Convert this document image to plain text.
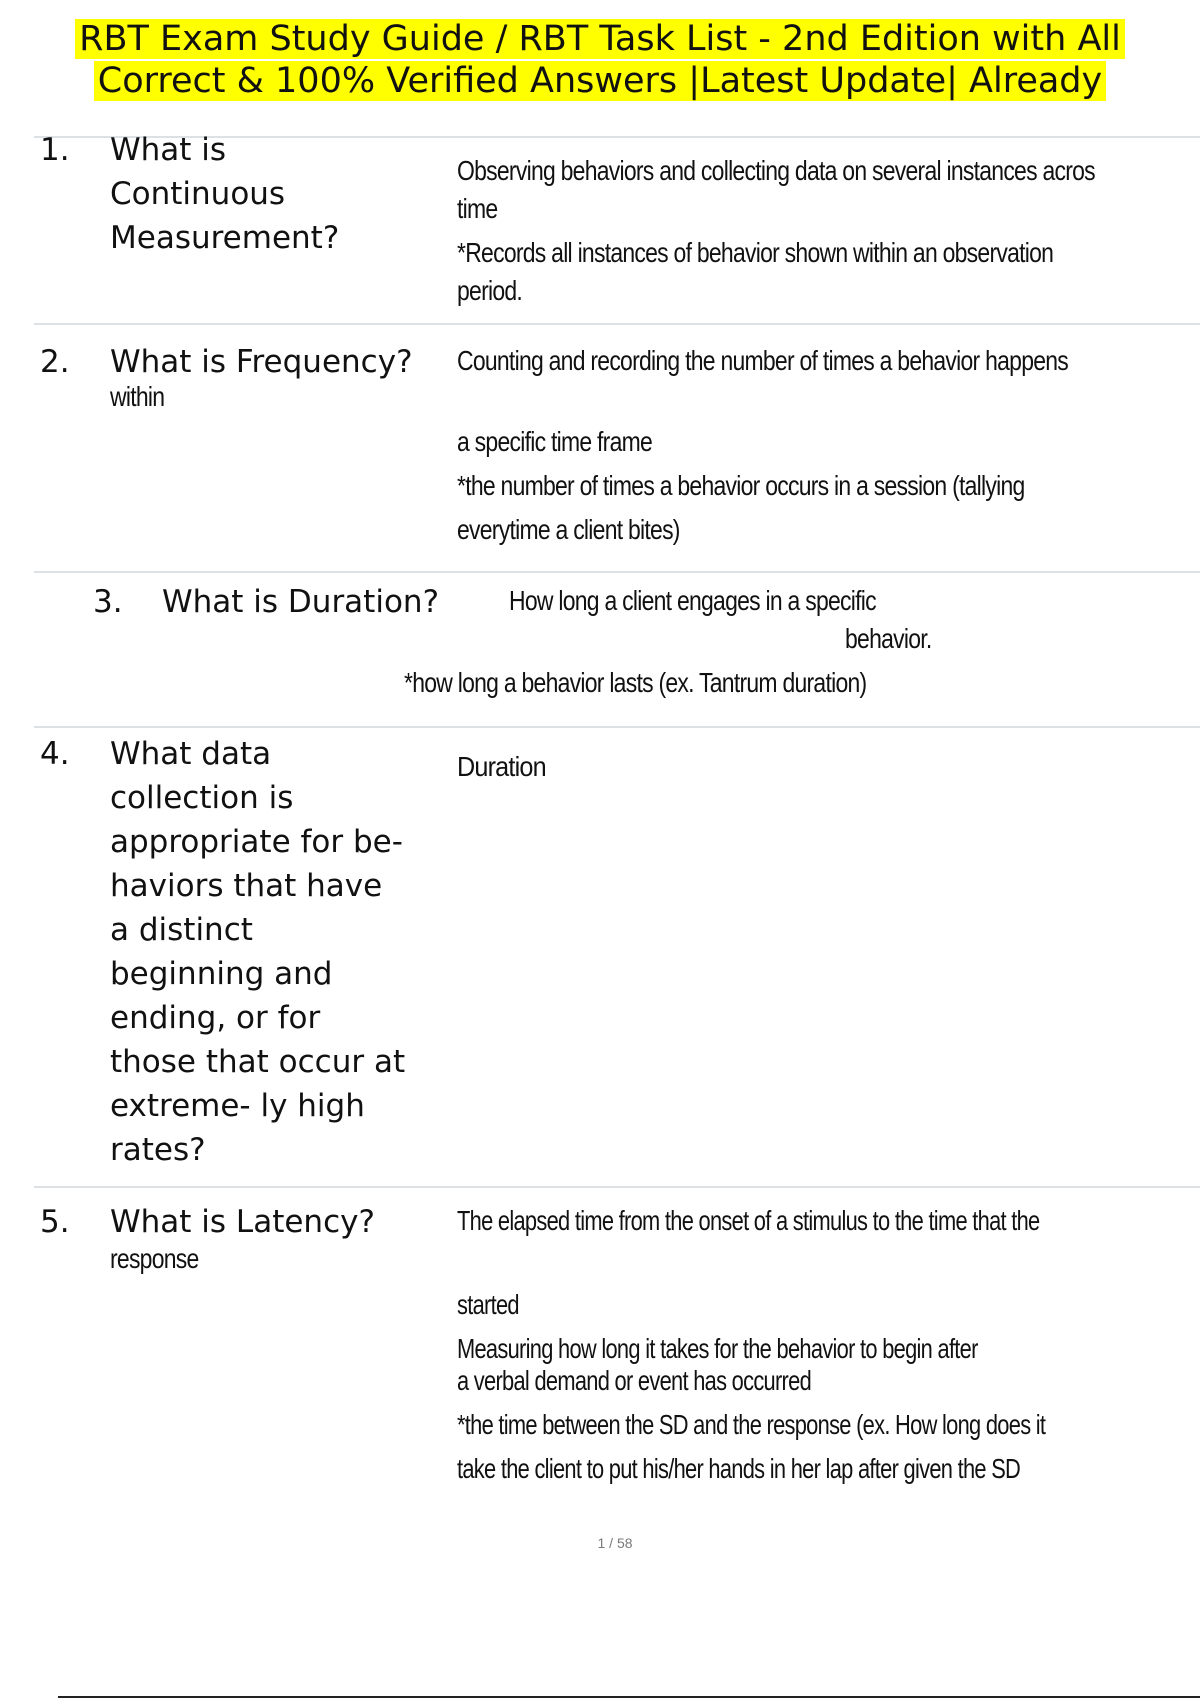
RBT Exam Study Guide / RBT Task List - 2nd Edition with All
Correct & 100% Verified Answers |Latest Update| Already
1. What is
Continuous
Measurement?
Observing behaviors and collecting data on several instances acros
time
*Records all instances of behavior shown within an observation
period.
2. What is Frequency?
within
Counting and recording the number of times a behavior happens
a specific time frame
*the number of times a behavior occurs in a session (tallying
everytime a client bites)
3. What is Duration? How long a client engages in a specific
behavior.
*how long a behavior lasts (ex. Tantrum duration)
4. What data
collection is
appropriate for be-
haviors that have
a distinct
beginning and
ending, or for
those that occur at
extreme- ly high
rates?
Duration
5. What is Latency?
response
The elapsed time from the onset of a stimulus to the time that the
started
Measuring how long it takes for the behavior to begin after
a verbal demand or event has occurred
*the time between the SD and the response (ex. How long does it
take the client to put his/her hands in her lap after given the SD
1 / 58
